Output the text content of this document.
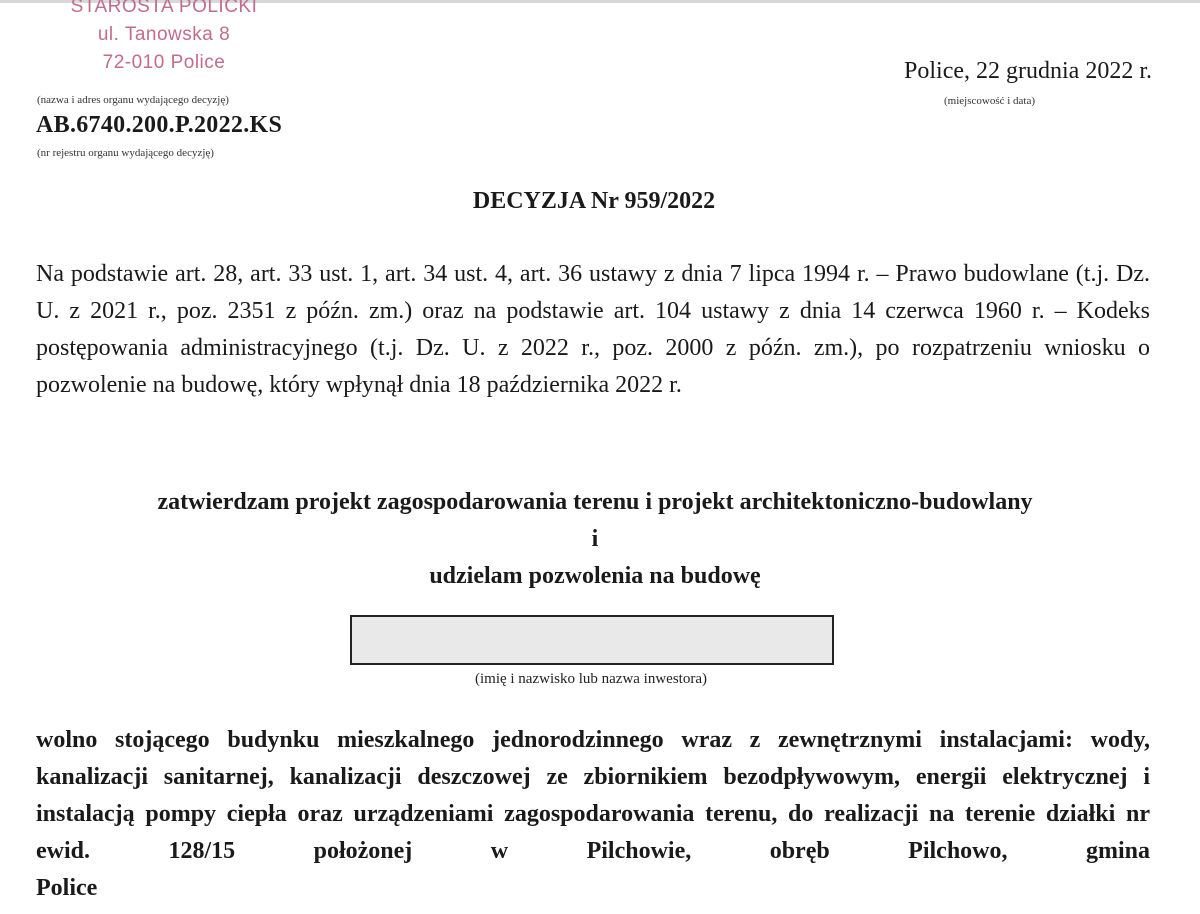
STAROSTA POLICKI
ul. Tanowska 8
72-010 Police
(nazwa i adres organu wydającego decyzję)
AB.6740.200.P.2022.KS
(nr rejestru organu wydającego decyzję)
Police, 22 grudnia 2022 r.
(miejscowość i data)
DECYZJA Nr 959/2022
Na podstawie art. 28, art. 33 ust. 1, art. 34 ust. 4, art. 36 ustawy z dnia 7 lipca 1994 r. – Prawo budowlane (t.j. Dz. U. z 2021 r., poz. 2351 z późn. zm.) oraz na podstawie art. 104 ustawy z dnia 14 czerwca 1960 r. – Kodeks postępowania administracyjnego (t.j. Dz. U. z 2022 r., poz. 2000 z późn. zm.), po rozpatrzeniu wniosku o pozwolenie na budowę, który wpłynął dnia 18 października 2022 r.
zatwierdzam projekt zagospodarowania terenu i projekt architektoniczno-budowlany
i
udzielam pozwolenia na budowę
(imię i nazwisko lub nazwa inwestora)
wolno stojącego budynku mieszkalnego jednorodzinnego wraz z zewnętrznymi instalacjami: wody, kanalizacji sanitarnej, kanalizacji deszczowej ze zbiornikiem bezodpływowym, energii elektrycznej i instalacją pompy ciepła oraz urządzeniami zagospodarowania terenu, do realizacji na terenie działki nr ewid. 128/15 położonej w Pilchowie, obręb Pilchowo, gmina
Police
